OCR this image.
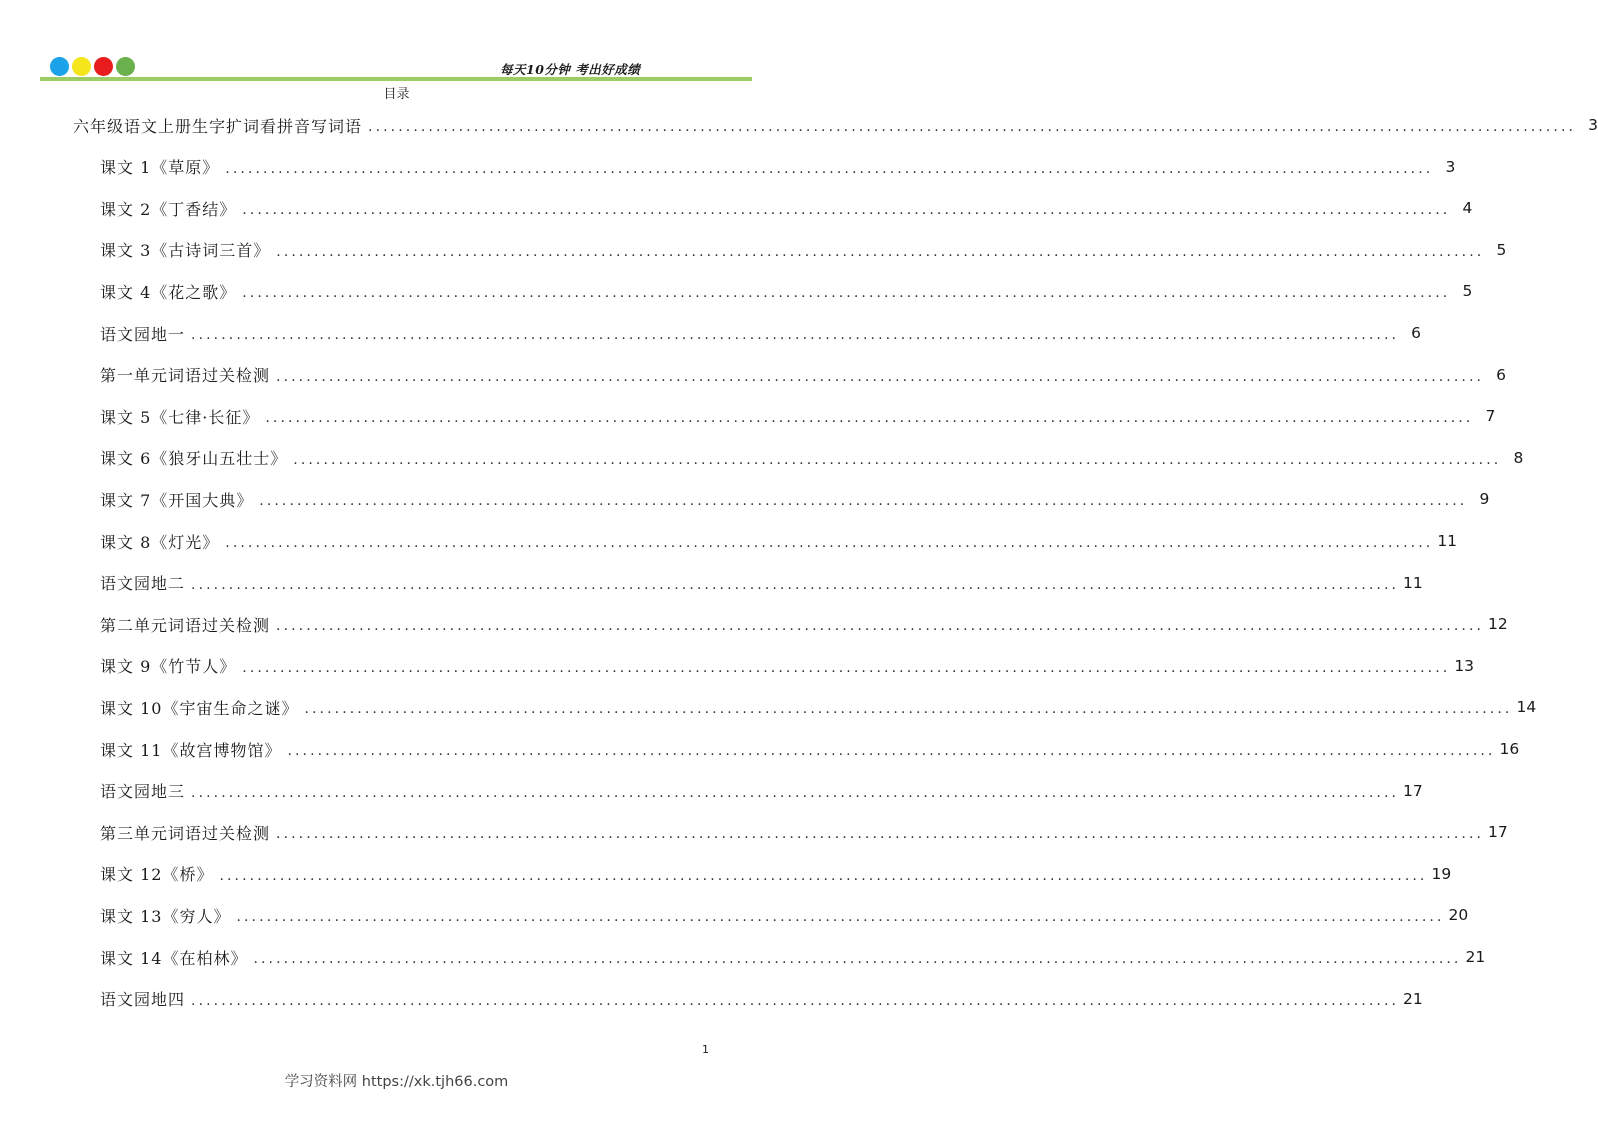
每天10分钟 考出好成绩
目录
六年级语文上册生字扩词看拼音写词语 ................................................................................................................................................................ 3
课文 1《草原》 ................................................................................................................................................................ 3
课文 2《丁香结》 ................................................................................................................................................................ 4
课文 3《古诗词三首》 ................................................................................................................................................................ 5
课文 4《花之歌》 ................................................................................................................................................................ 5
语文园地一 ................................................................................................................................................................ 6
第一单元词语过关检测 ................................................................................................................................................................ 6
课文 5《七律·长征》 ................................................................................................................................................................ 7
课文 6《狼牙山五壮士》 ................................................................................................................................................................ 8
课文 7《开国大典》 ................................................................................................................................................................ 9
课文 8《灯光》 ................................................................................................................................................................ 11
语文园地二 ................................................................................................................................................................ 11
第二单元词语过关检测 ................................................................................................................................................................ 12
课文 9《竹节人》 ................................................................................................................................................................ 13
课文 10《宇宙生命之谜》 ................................................................................................................................................................ 14
课文 11《故宫博物馆》 ................................................................................................................................................................ 16
语文园地三 ................................................................................................................................................................ 17
第三单元词语过关检测 ................................................................................................................................................................ 17
课文 12《桥》 ................................................................................................................................................................ 19
课文 13《穷人》 ................................................................................................................................................................ 20
课文 14《在柏林》 ................................................................................................................................................................ 21
语文园地四 ................................................................................................................................................................ 21
1
学习资料网 https://xk.tjh66.com
